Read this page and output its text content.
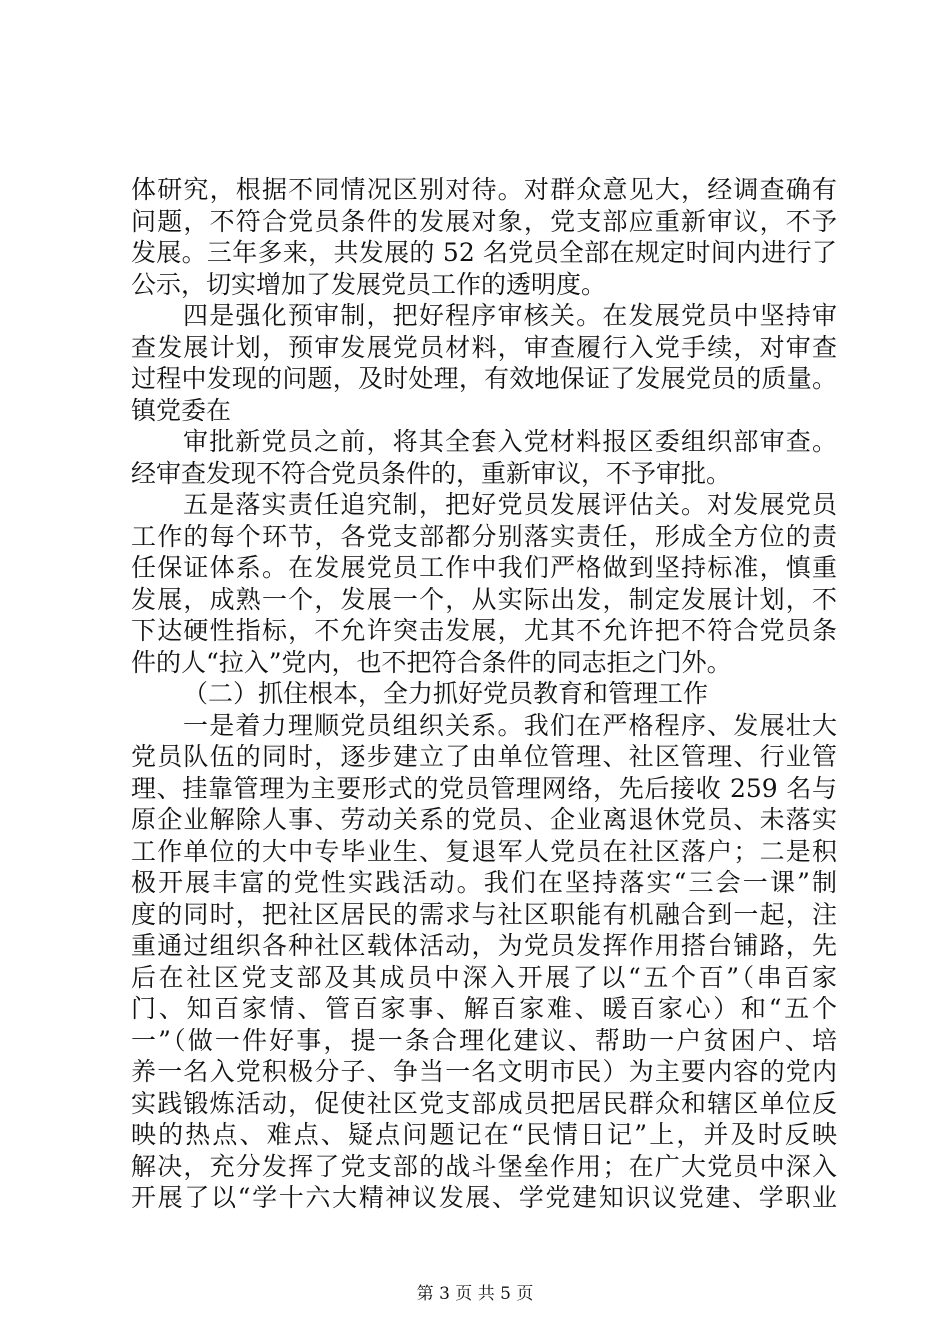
体研究，根据不同情况区别对待。对群众意见大，经调查确有
问题，不符合党员条件的发展对象，党支部应重新审议，不予
发展。三年多来，共发展的 52 名党员全部在规定时间内进行了
公示，切实增加了发展党员工作的透明度。
四是强化预审制，把好程序审核关。在发展党员中坚持审
查发展计划，预审发展党员材料，审查履行入党手续，对审查
过程中发现的问题，及时处理，有效地保证了发展党员的质量。
镇党委在
审批新党员之前，将其全套入党材料报区委组织部审查。
经审查发现不符合党员条件的，重新审议，不予审批。
五是落实责任追究制，把好党员发展评估关。对发展党员
工作的每个环节，各党支部都分别落实责任，形成全方位的责
任保证体系。在发展党员工作中我们严格做到坚持标准，慎重
发展，成熟一个，发展一个，从实际出发，制定发展计划，不
下达硬性指标，不允许突击发展，尤其不允许把不符合党员条
件的人“拉入”党内，也不把符合条件的同志拒之门外。
（二）抓住根本，全力抓好党员教育和管理工作
一是着力理顺党员组织关系。我们在严格程序、发展壮大
党员队伍的同时，逐步建立了由单位管理、社区管理、行业管
理、挂靠管理为主要形式的党员管理网络，先后接收 259 名与
原企业解除人事、劳动关系的党员、企业离退休党员、未落实
工作单位的大中专毕业生、复退军人党员在社区落户；二是积
极开展丰富的党性实践活动。我们在坚持落实“三会一课”制
度的同时，把社区居民的需求与社区职能有机融合到一起，注
重通过组织各种社区载体活动，为党员发挥作用搭台铺路，先
后在社区党支部及其成员中深入开展了以“五个百”（串百家
门、知百家情、管百家事、解百家难、暖百家心）和“五个
一”（做一件好事，提一条合理化建议、帮助一户贫困户、培
养一名入党积极分子、争当一名文明市民）为主要内容的党内
实践锻炼活动，促使社区党支部成员把居民群众和辖区单位反
映的热点、难点、疑点问题记在“民情日记”上，并及时反映
解决，充分发挥了党支部的战斗堡垒作用；在广大党员中深入
开展了以“学十六大精神议发展、学党建知识议党建、学职业
第 3 页 共 5 页
